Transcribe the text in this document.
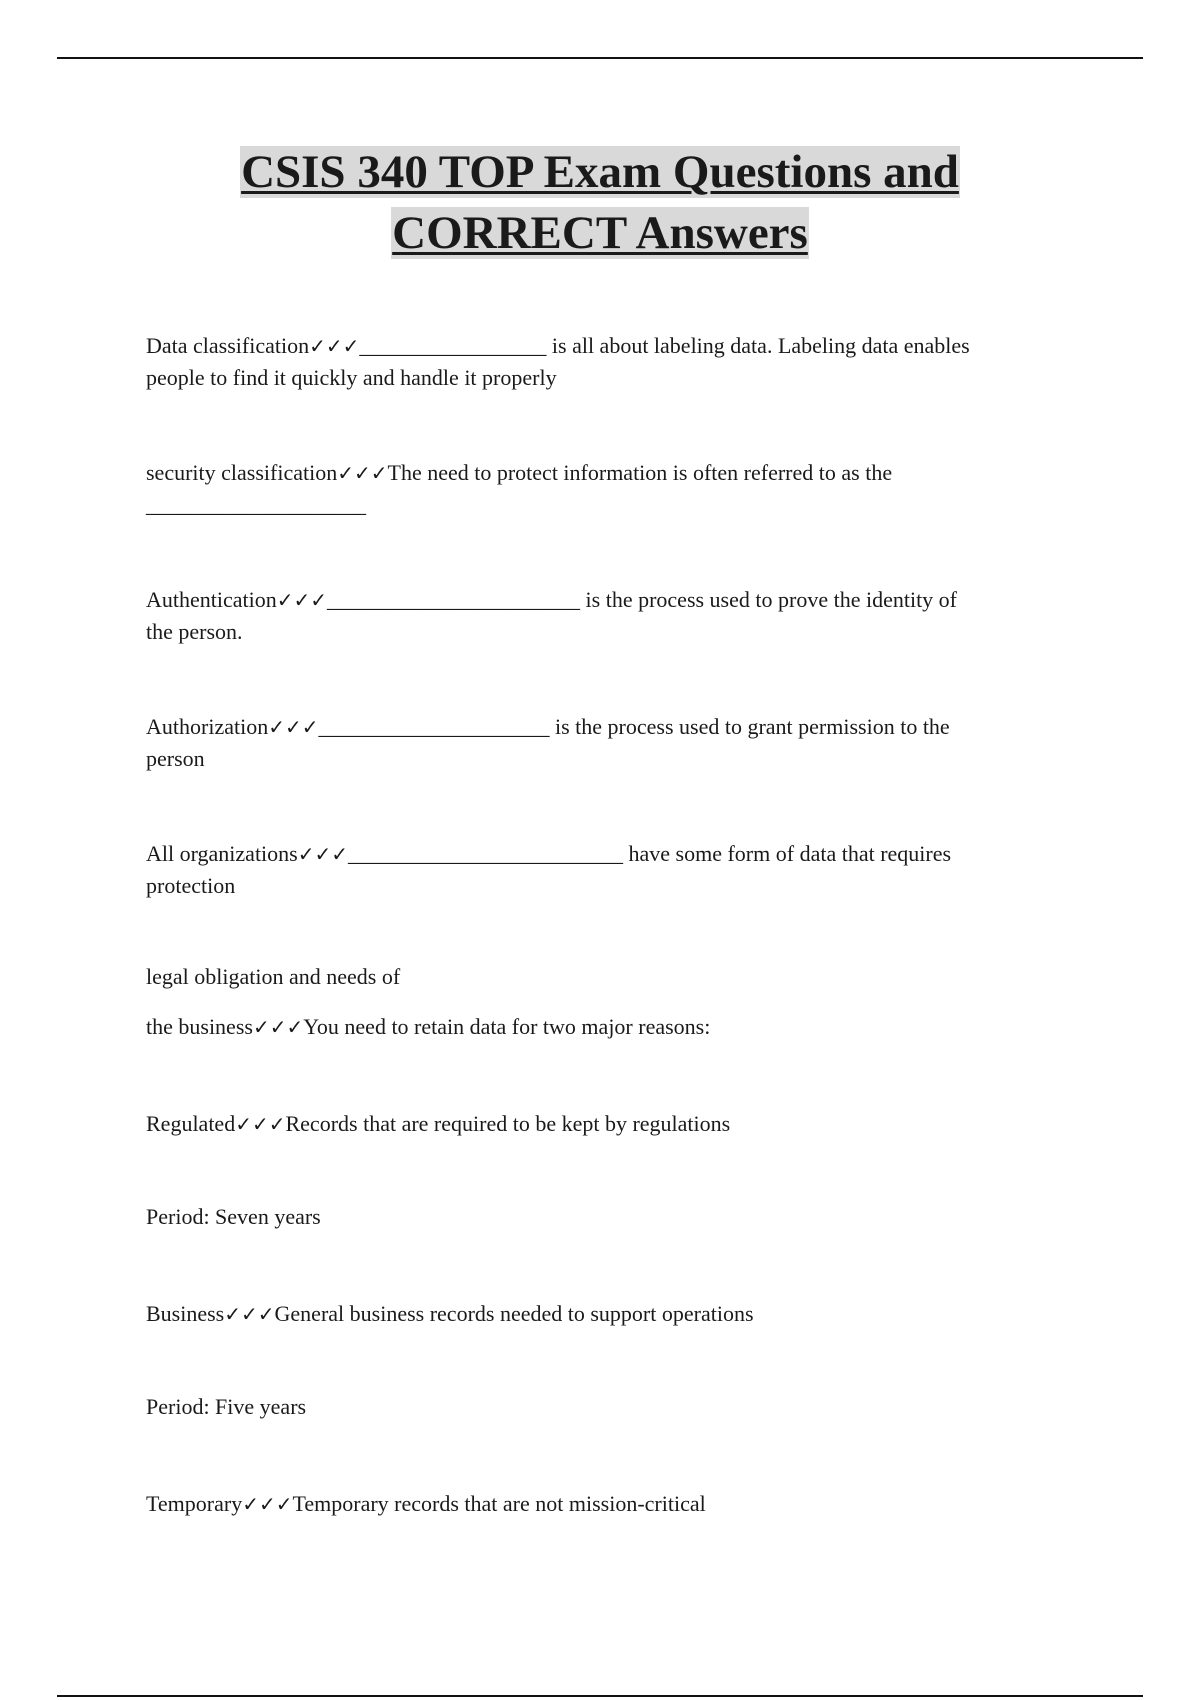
CSIS 340 TOP Exam Questions and
CORRECT Answers

Data classification✓✓✓_________________ is all about labeling data. Labeling data enables
people to find it quickly and handle it properly

security classification✓✓✓The need to protect information is often referred to as the
____________________

Authentication✓✓✓_______________________ is the process used to prove the identity of
the person.

Authorization✓✓✓_____________________ is the process used to grant permission to the
person

All organizations✓✓✓_________________________ have some form of data that requires
protection

legal obligation and needs of

the business✓✓✓You need to retain data for two major reasons:

Regulated✓✓✓Records that are required to be kept by regulations

Period: Seven years

Business✓✓✓General business records needed to support operations

Period: Five years

Temporary✓✓✓Temporary records that are not mission-critical
